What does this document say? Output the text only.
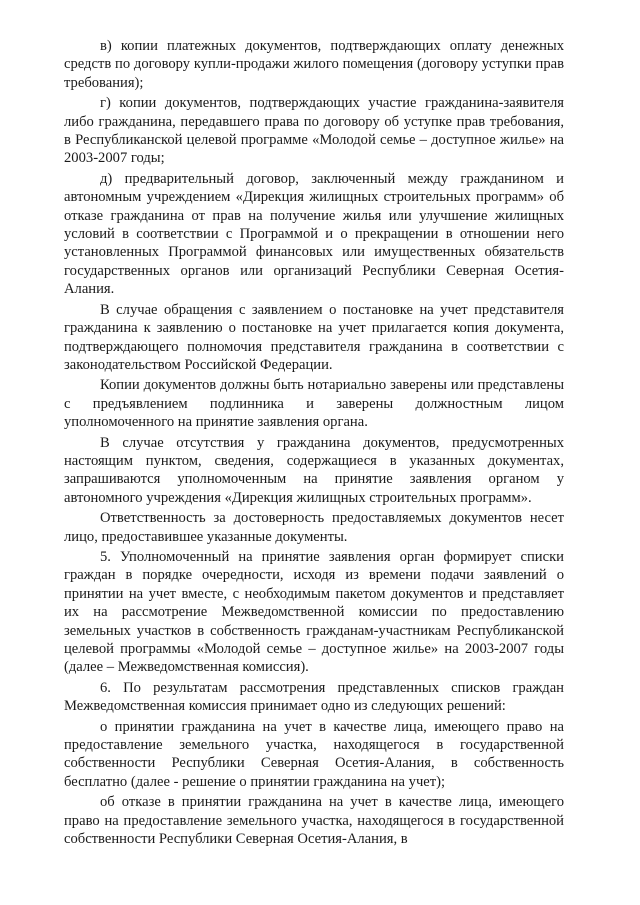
в) копии платежных документов, подтверждающих оплату денежных средств по договору купли-продажи жилого помещения (договору уступки прав требования);

г) копии документов, подтверждающих участие гражданина-заявителя либо гражданина, передавшего права по договору об уступке прав требования, в Республиканской целевой программе «Молодой семье – доступное жилье» на 2003-2007 годы;

д) предварительный договор, заключенный между гражданином и автономным учреждением «Дирекция жилищных строительных программ» об отказе гражданина от прав на получение жилья или улучшение жилищных условий в соответствии с Программой и о прекращении в отношении него установленных Программой финансовых или имущественных обязательств государственных органов или организаций Республики Северная Осетия-Алания.

В случае обращения с заявлением о постановке на учет представителя гражданина к заявлению о постановке на учет прилагается копия документа, подтверждающего полномочия представителя гражданина в соответствии с законодательством Российской Федерации.

Копии документов должны быть нотариально заверены или представлены с предъявлением подлинника и заверены должностным лицом уполномоченного на принятие заявления органа.

В случае отсутствия у гражданина документов, предусмотренных настоящим пунктом, сведения, содержащиеся в указанных документах, запрашиваются уполномоченным на принятие заявления органом у автономного учреждения «Дирекция жилищных строительных программ».

Ответственность за достоверность предоставляемых документов несет лицо, предоставившее указанные документы.

5. Уполномоченный на принятие заявления орган формирует списки граждан в порядке очередности, исходя из времени подачи заявлений о принятии на учет вместе, с необходимым пакетом документов и представляет их на рассмотрение Межведомственной комиссии по предоставлению земельных участков в собственность гражданам-участникам Республиканской целевой программы «Молодой семье – доступное жилье» на 2003-2007 годы (далее – Межведомственная комиссия).

6. По результатам рассмотрения представленных списков граждан Межведомственная комиссия принимает одно из следующих решений:

о принятии гражданина на учет в качестве лица, имеющего право на предоставление земельного участка, находящегося в государственной собственности Республики Северная Осетия-Алания, в собственность бесплатно (далее - решение о принятии гражданина на учет);

об отказе в принятии гражданина на учет в качестве лица, имеющего право на предоставление земельного участка, находящегося в государственной собственности Республики Северная Осетия-Алания, в
